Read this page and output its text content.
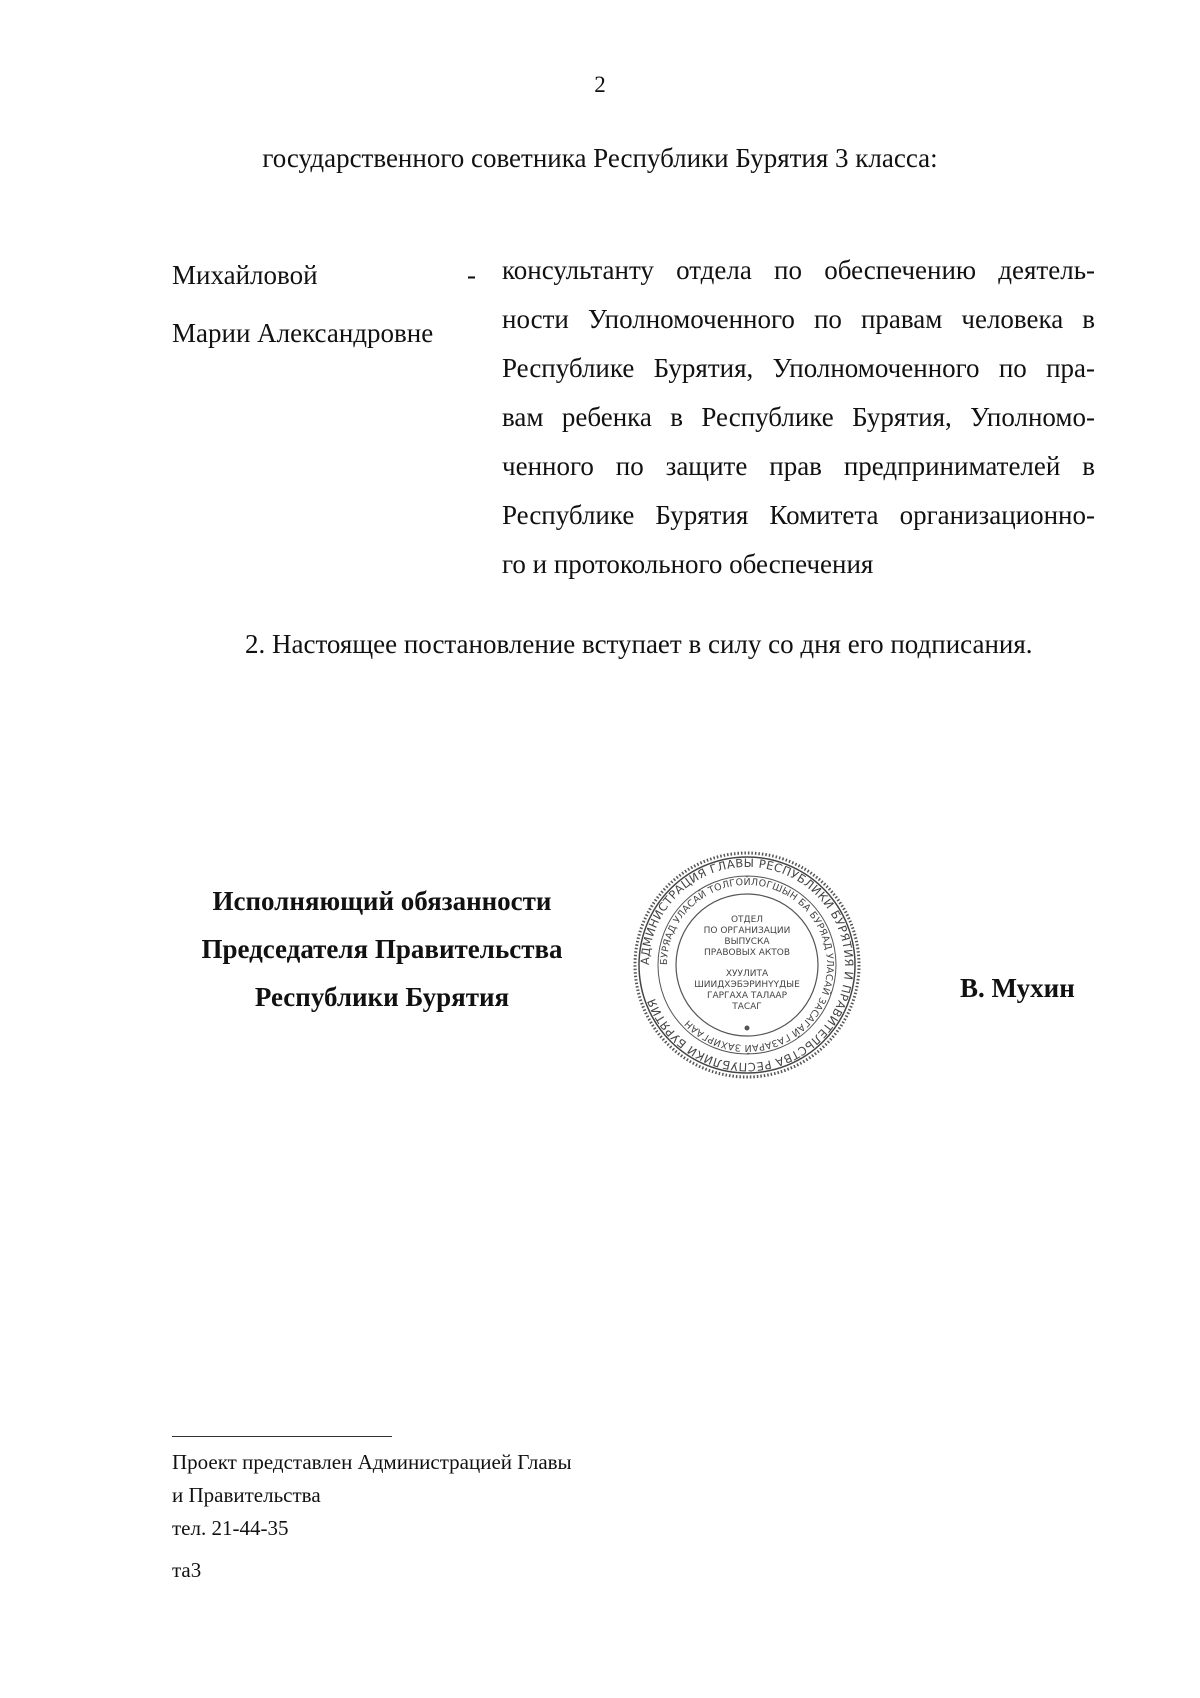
2
государственного советника Республики Бурятия 3 класса:
Михайловой
Марии Александровне
- консультанту отдела по обеспечению деятель-
ности Уполномоченного по правам человека в
Республике Бурятия, Уполномоченного по пра-
вам ребенка в Республике Бурятия, Уполномо-
ченного по защите прав предпринимателей в
Республике Бурятия Комитета организационно-
го и протокольного обеспечения
2. Настоящее постановление вступает в силу со дня его подписания.
Исполняющий обязанности
Председателя Правительства
Республики Бурятия
АДМИНИСТРАЦИЯ ГЛАВЫ РЕСПУБЛИКИ БУРЯТИЯ И ПРАВИТЕЛЬСТВА РЕСПУБЛИКИ БУРЯТИЯ
БУРЯАД УЛАСАЙ ТОЛГОЙЛОГШЫН БА БУРЯАД УЛАСАЙ ЗАСАГАЙ ГАЗАРАЙ ЗАХИРГААН
ОТДЕЛ
ПО ОРГАНИЗАЦИИ
ВЫПУСКА
ПРАВОВЫХ АКТОВ
ХУУЛИТА
ШИИДХЭБЭРИНҮҮДЫЕ
ГАРГАХА ТАЛААР
ТАСАГ
В. Мухин
Проект представлен Администрацией Главы
и Правительства
тел. 21-44-35
та3
